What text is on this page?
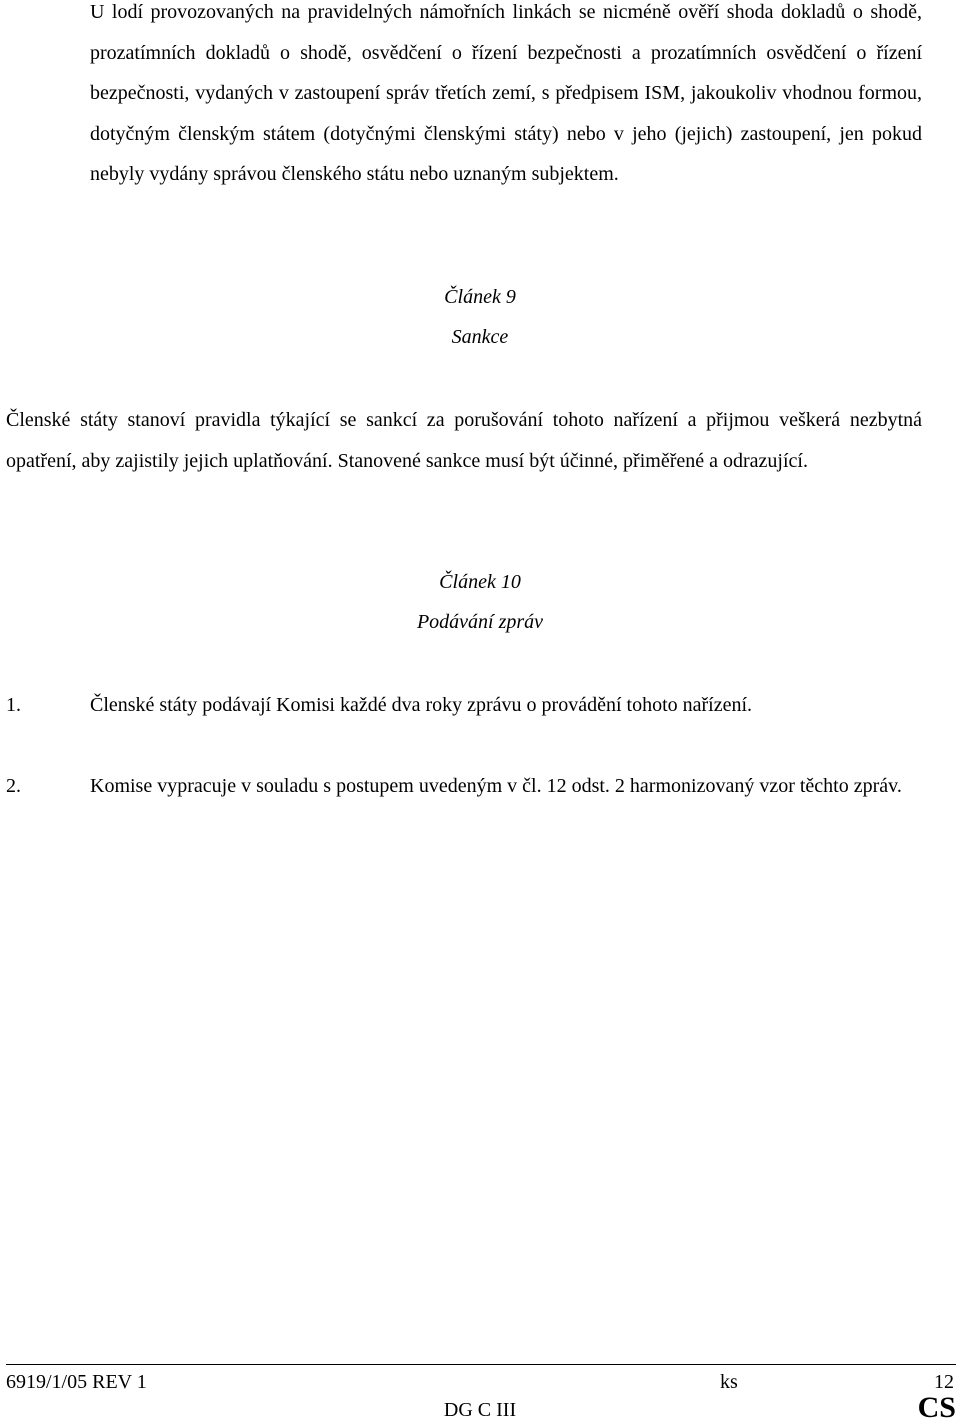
U lodí provozovaných na pravidelných námořních linkách se nicméně ověří shoda dokladů o shodě, prozatímních dokladů o shodě, osvědčení o řízení bezpečnosti a prozatímních osvědčení o řízení bezpečnosti, vydaných v zastoupení správ třetích zemí, s předpisem ISM, jakoukoliv vhodnou formou, dotyčným členským státem (dotyčnými členskými státy) nebo v jeho (jejich) zastoupení, jen pokud nebyly vydány správou členského státu nebo uznaným subjektem.
Článek 9
Sankce
Členské státy stanoví pravidla týkající se sankcí za porušování tohoto nařízení a přijmou veškerá nezbytná opatření, aby zajistily jejich uplatňování. Stanovené sankce musí být účinné, přiměřené a odrazující.
Článek 10
Podávání zpráv
1.	Členské státy podávají Komisi každé dva roky zprávu o provádění tohoto nařízení.
2.	Komise vypracuje v souladu s postupem uvedeným v čl. 12 odst. 2 harmonizovaný vzor těchto zpráv.
6919/1/05 REV 1	ks	12
DG C III	CS
